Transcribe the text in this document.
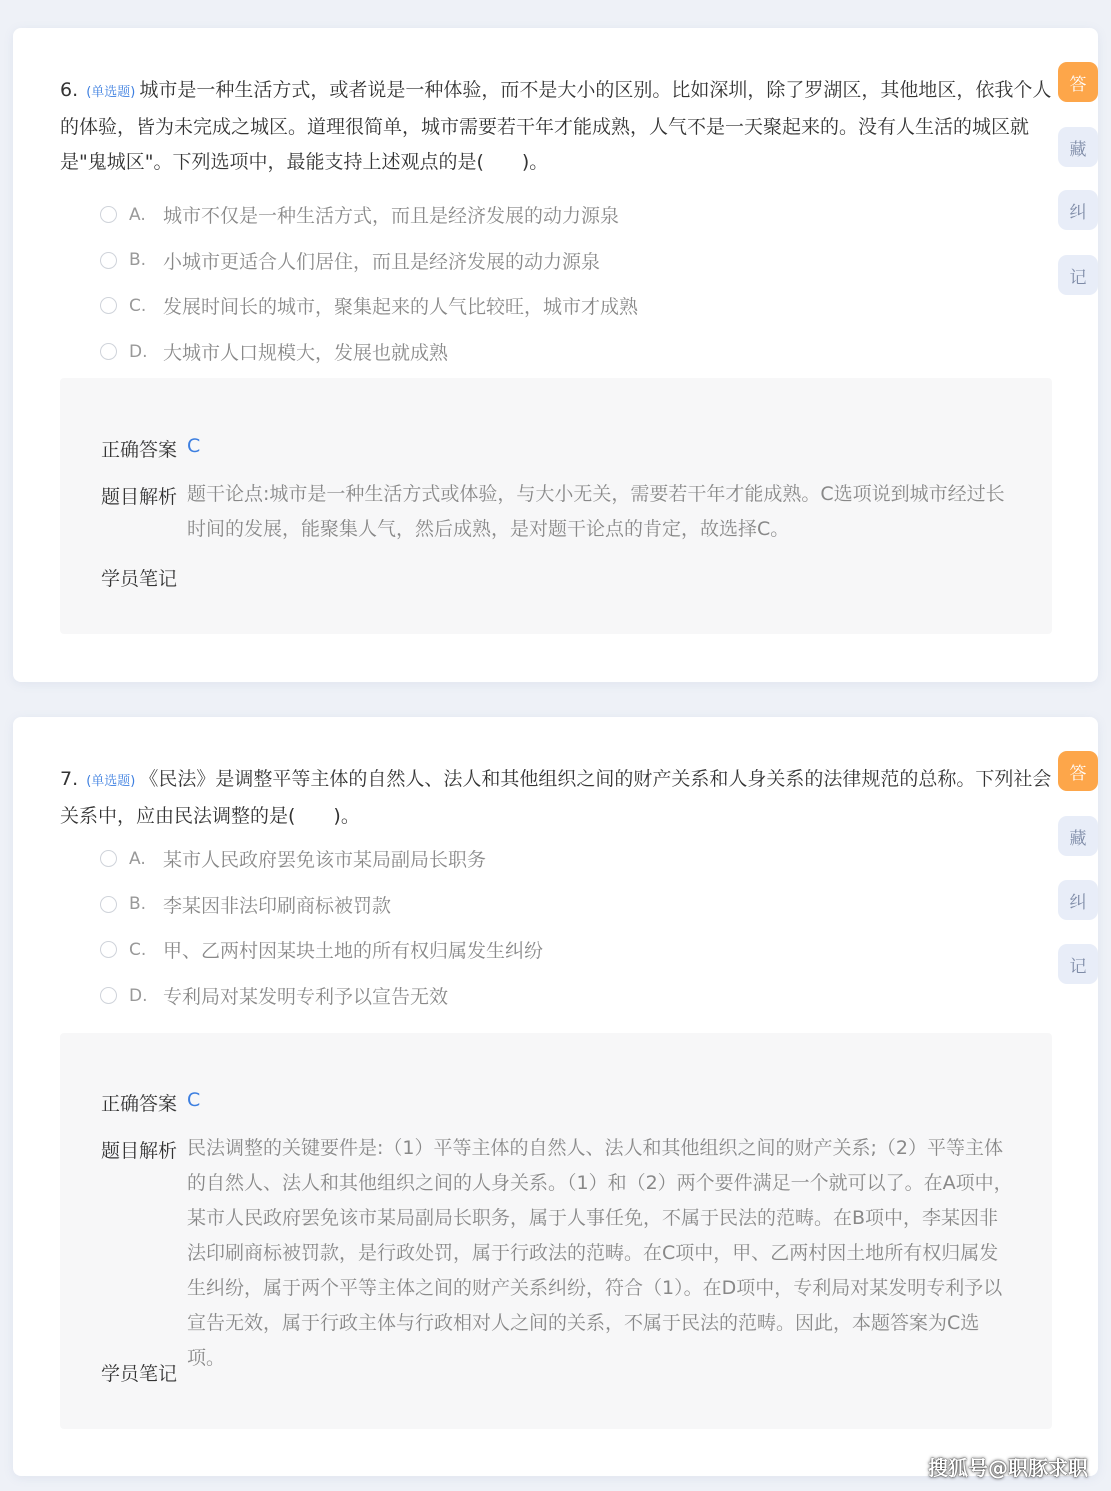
6. (单选题) 城市是一种生活方式，或者说是一种体验，而不是大小的区别。比如深圳，除了罗湖区，其他地区，依我个人的体验，皆为未完成之城区。道理很简单，城市需要若干年才能成熟，人气不是一天聚起来的。没有人生活的城区就是"鬼城区"。下列选项中，最能支持上述观点的是(　　)。

A. 城市不仅是一种生活方式，而且是经济发展的动力源泉
B. 小城市更适合人们居住，而且是经济发展的动力源泉
C. 发展时间长的城市，聚集起来的人气比较旺，城市才成熟
D. 大城市人口规模大，发展也就成熟
正确答案 C
题目解析 题干论点:城市是一种生活方式或体验，与大小无关，需要若干年才能成熟。C选项说到城市经过长时间的发展，能聚集人气，然后成熟，是对题干论点的肯定，故选择C。
学员笔记
答
藏
纠
记

7. (单选题) 《民法》是调整平等主体的自然人、法人和其他组织之间的财产关系和人身关系的法律规范的总称。下列社会关系中，应由民法调整的是(　　)。

A. 某市人民政府罢免该市某局副局长职务
B. 李某因非法印刷商标被罚款
C. 甲、乙两村因某块土地的所有权归属发生纠纷
D. 专利局对某发明专利予以宣告无效
正确答案 C
题目解析 民法调整的关键要件是:（1）平等主体的自然人、法人和其他组织之间的财产关系;（2）平等主体的自然人、法人和其他组织之间的人身关系。（1）和（2）两个要件满足一个就可以了。在A项中，某市人民政府罢免该市某局副局长职务，属于人事任免，不属于民法的范畴。在B项中，李某因非法印刷商标被罚款，是行政处罚，属于行政法的范畴。在C项中，甲、乙两村因土地所有权归属发生纠纷，属于两个平等主体之间的财产关系纠纷，符合（1）。在D项中，专利局对某发明专利予以宣告无效，属于行政主体与行政相对人之间的关系，不属于民法的范畴。因此，本题答案为C选项。
学员笔记
答
藏
纠
记
搜狐号@职豚求职
